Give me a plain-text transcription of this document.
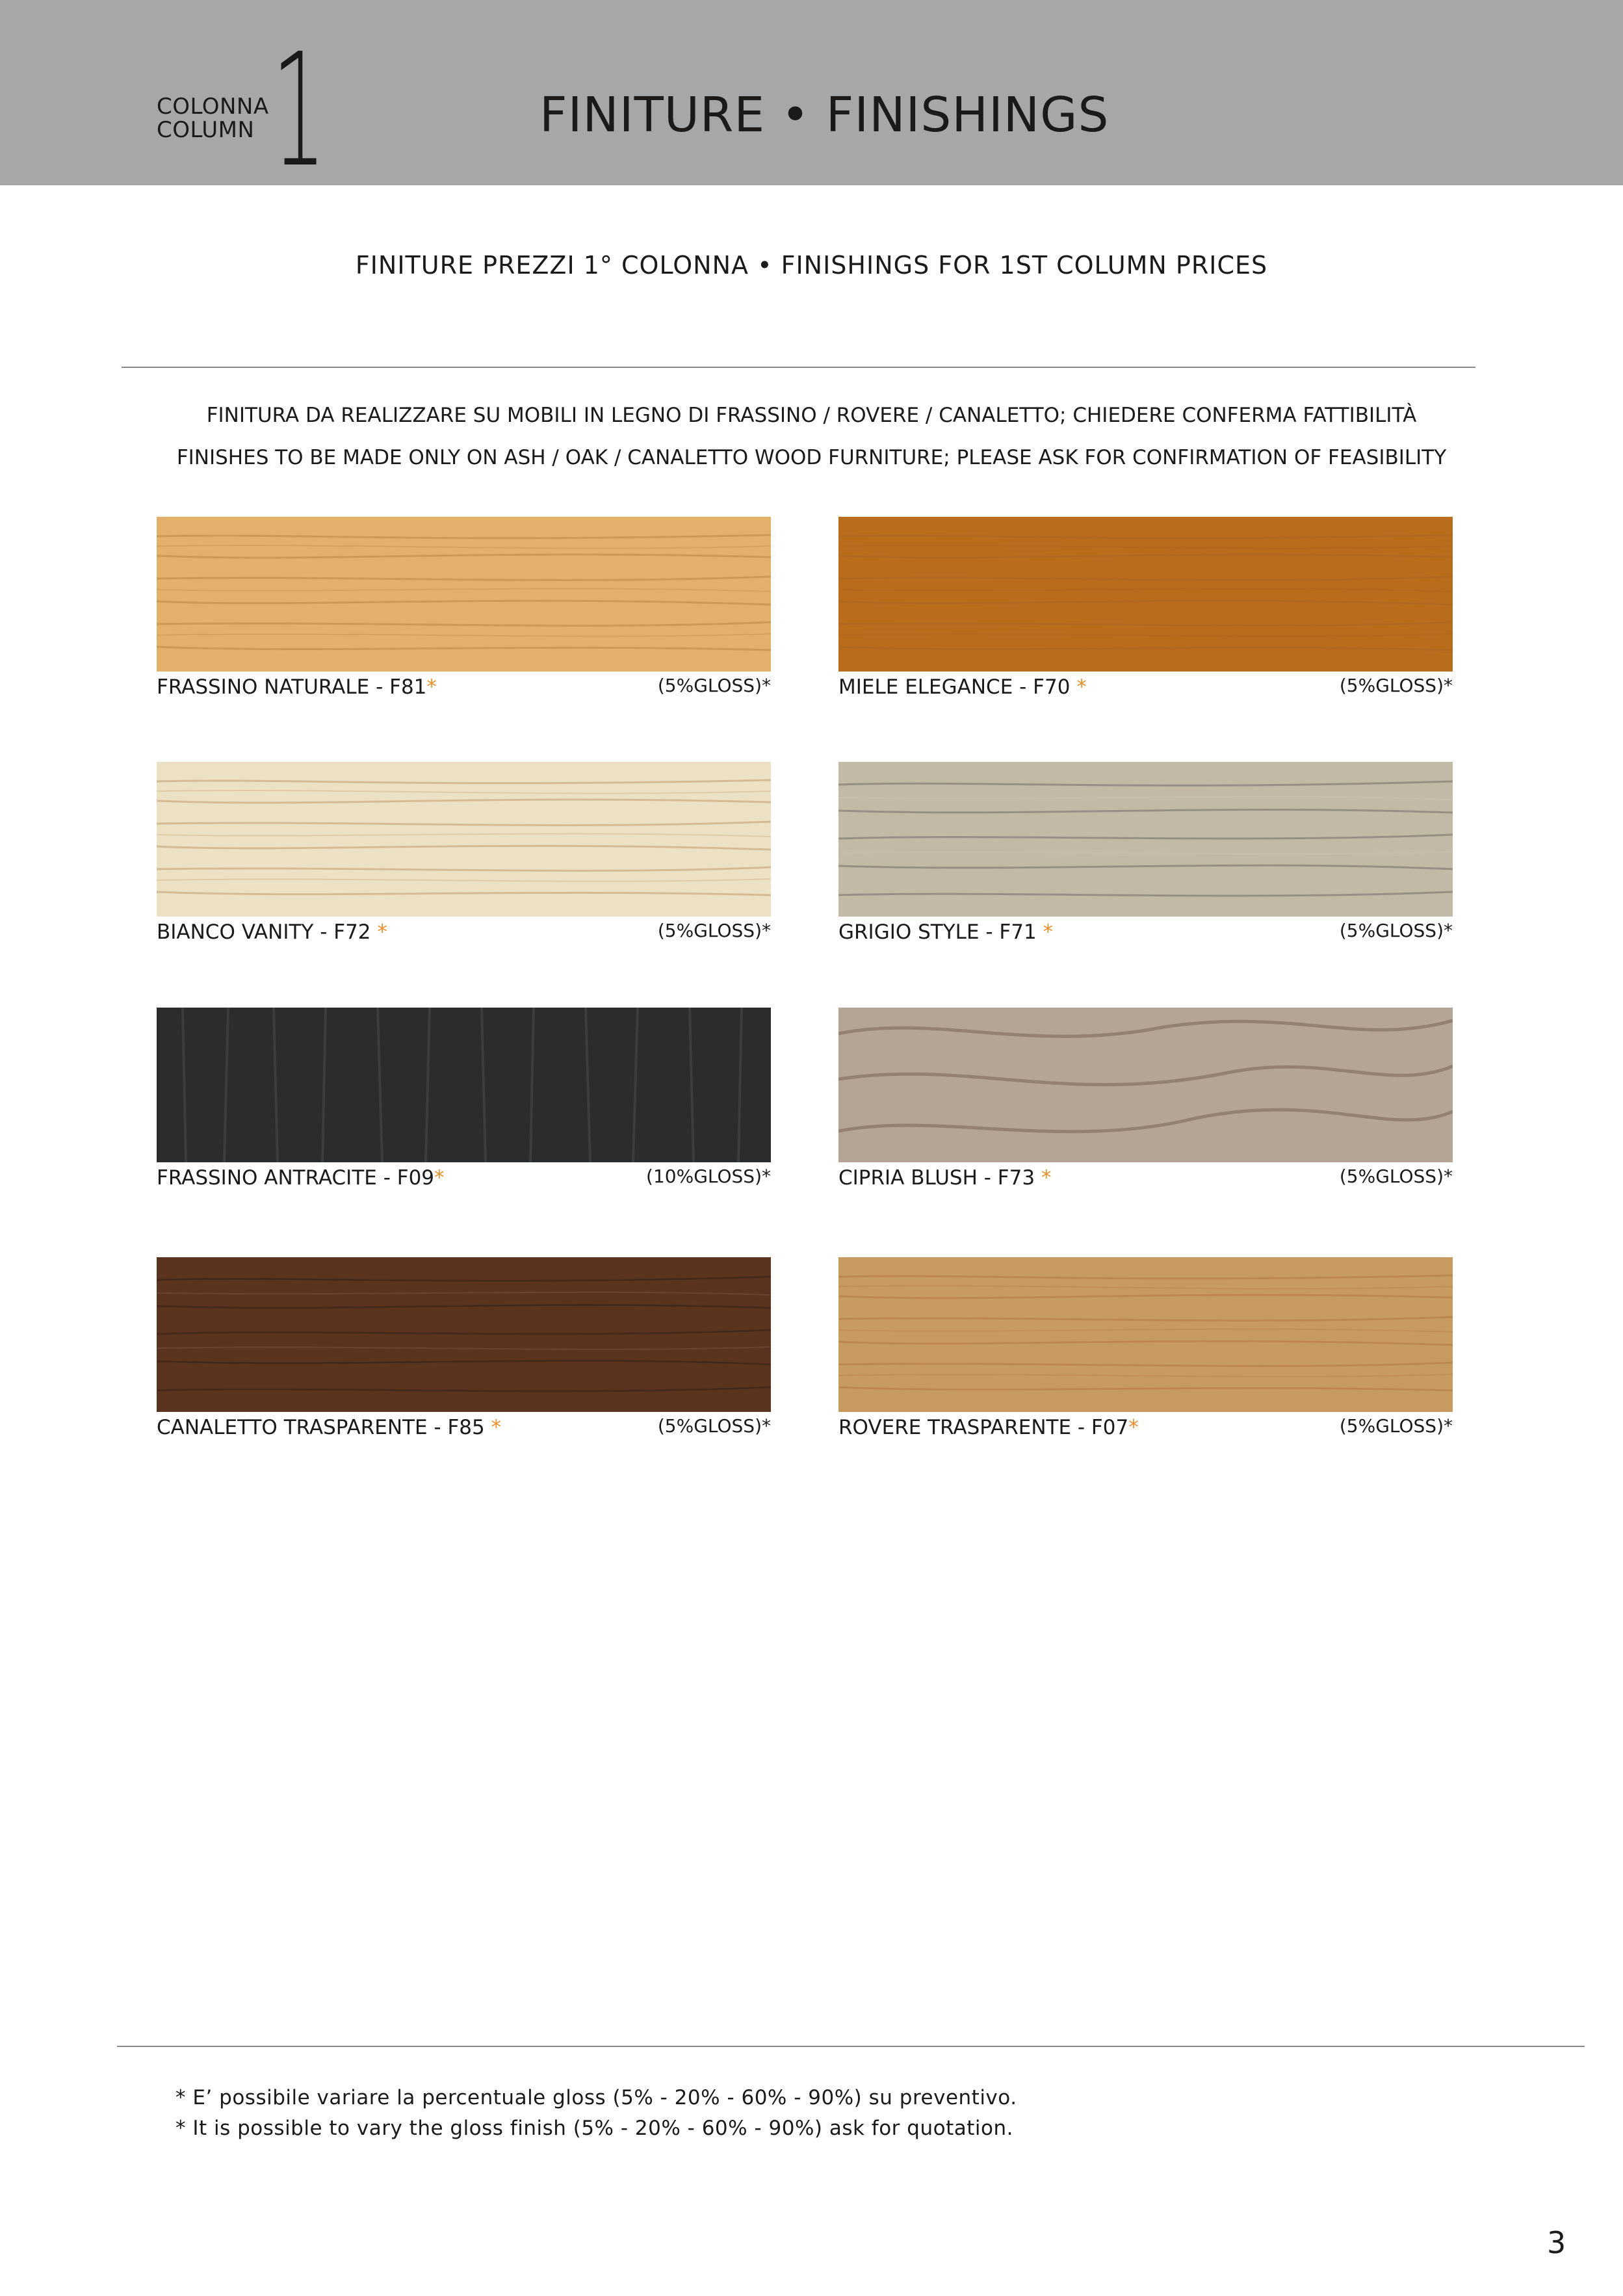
COLONNA
COLUMN 1	FINITURE • FINISHINGS
FINITURE PREZZI 1° COLONNA • FINISHINGS FOR 1ST COLUMN PRICES
FINITURA DA REALIZZARE SU MOBILI IN LEGNO DI FRASSINO / ROVERE / CANALETTO; CHIEDERE CONFERMA FATTIBILITÀ
FINISHES TO BE MADE ONLY ON ASH / OAK / CANALETTO WOOD FURNITURE; PLEASE ASK FOR CONFIRMATION OF FEASIBILITY
FRASSINO NATURALE - F81*	(5%GLOSS)*	MIELE ELEGANCE - F70 *	(5%GLOSS)*
BIANCO VANITY - F72 *	(5%GLOSS)*	GRIGIO STYLE - F71 *	(5%GLOSS)*
FRASSINO ANTRACITE - F09*	(10%GLOSS)*	CIPRIA BLUSH - F73 *	(5%GLOSS)*
CANALETTO TRASPARENTE - F85 *	(5%GLOSS)*	ROVERE TRASPARENTE - F07*	(5%GLOSS)*
* E’ possibile variare la percentuale gloss (5% - 20% - 60% - 90%) su preventivo.
* It is possible to vary the gloss finish (5% - 20% - 60% - 90%) ask for quotation.
3
